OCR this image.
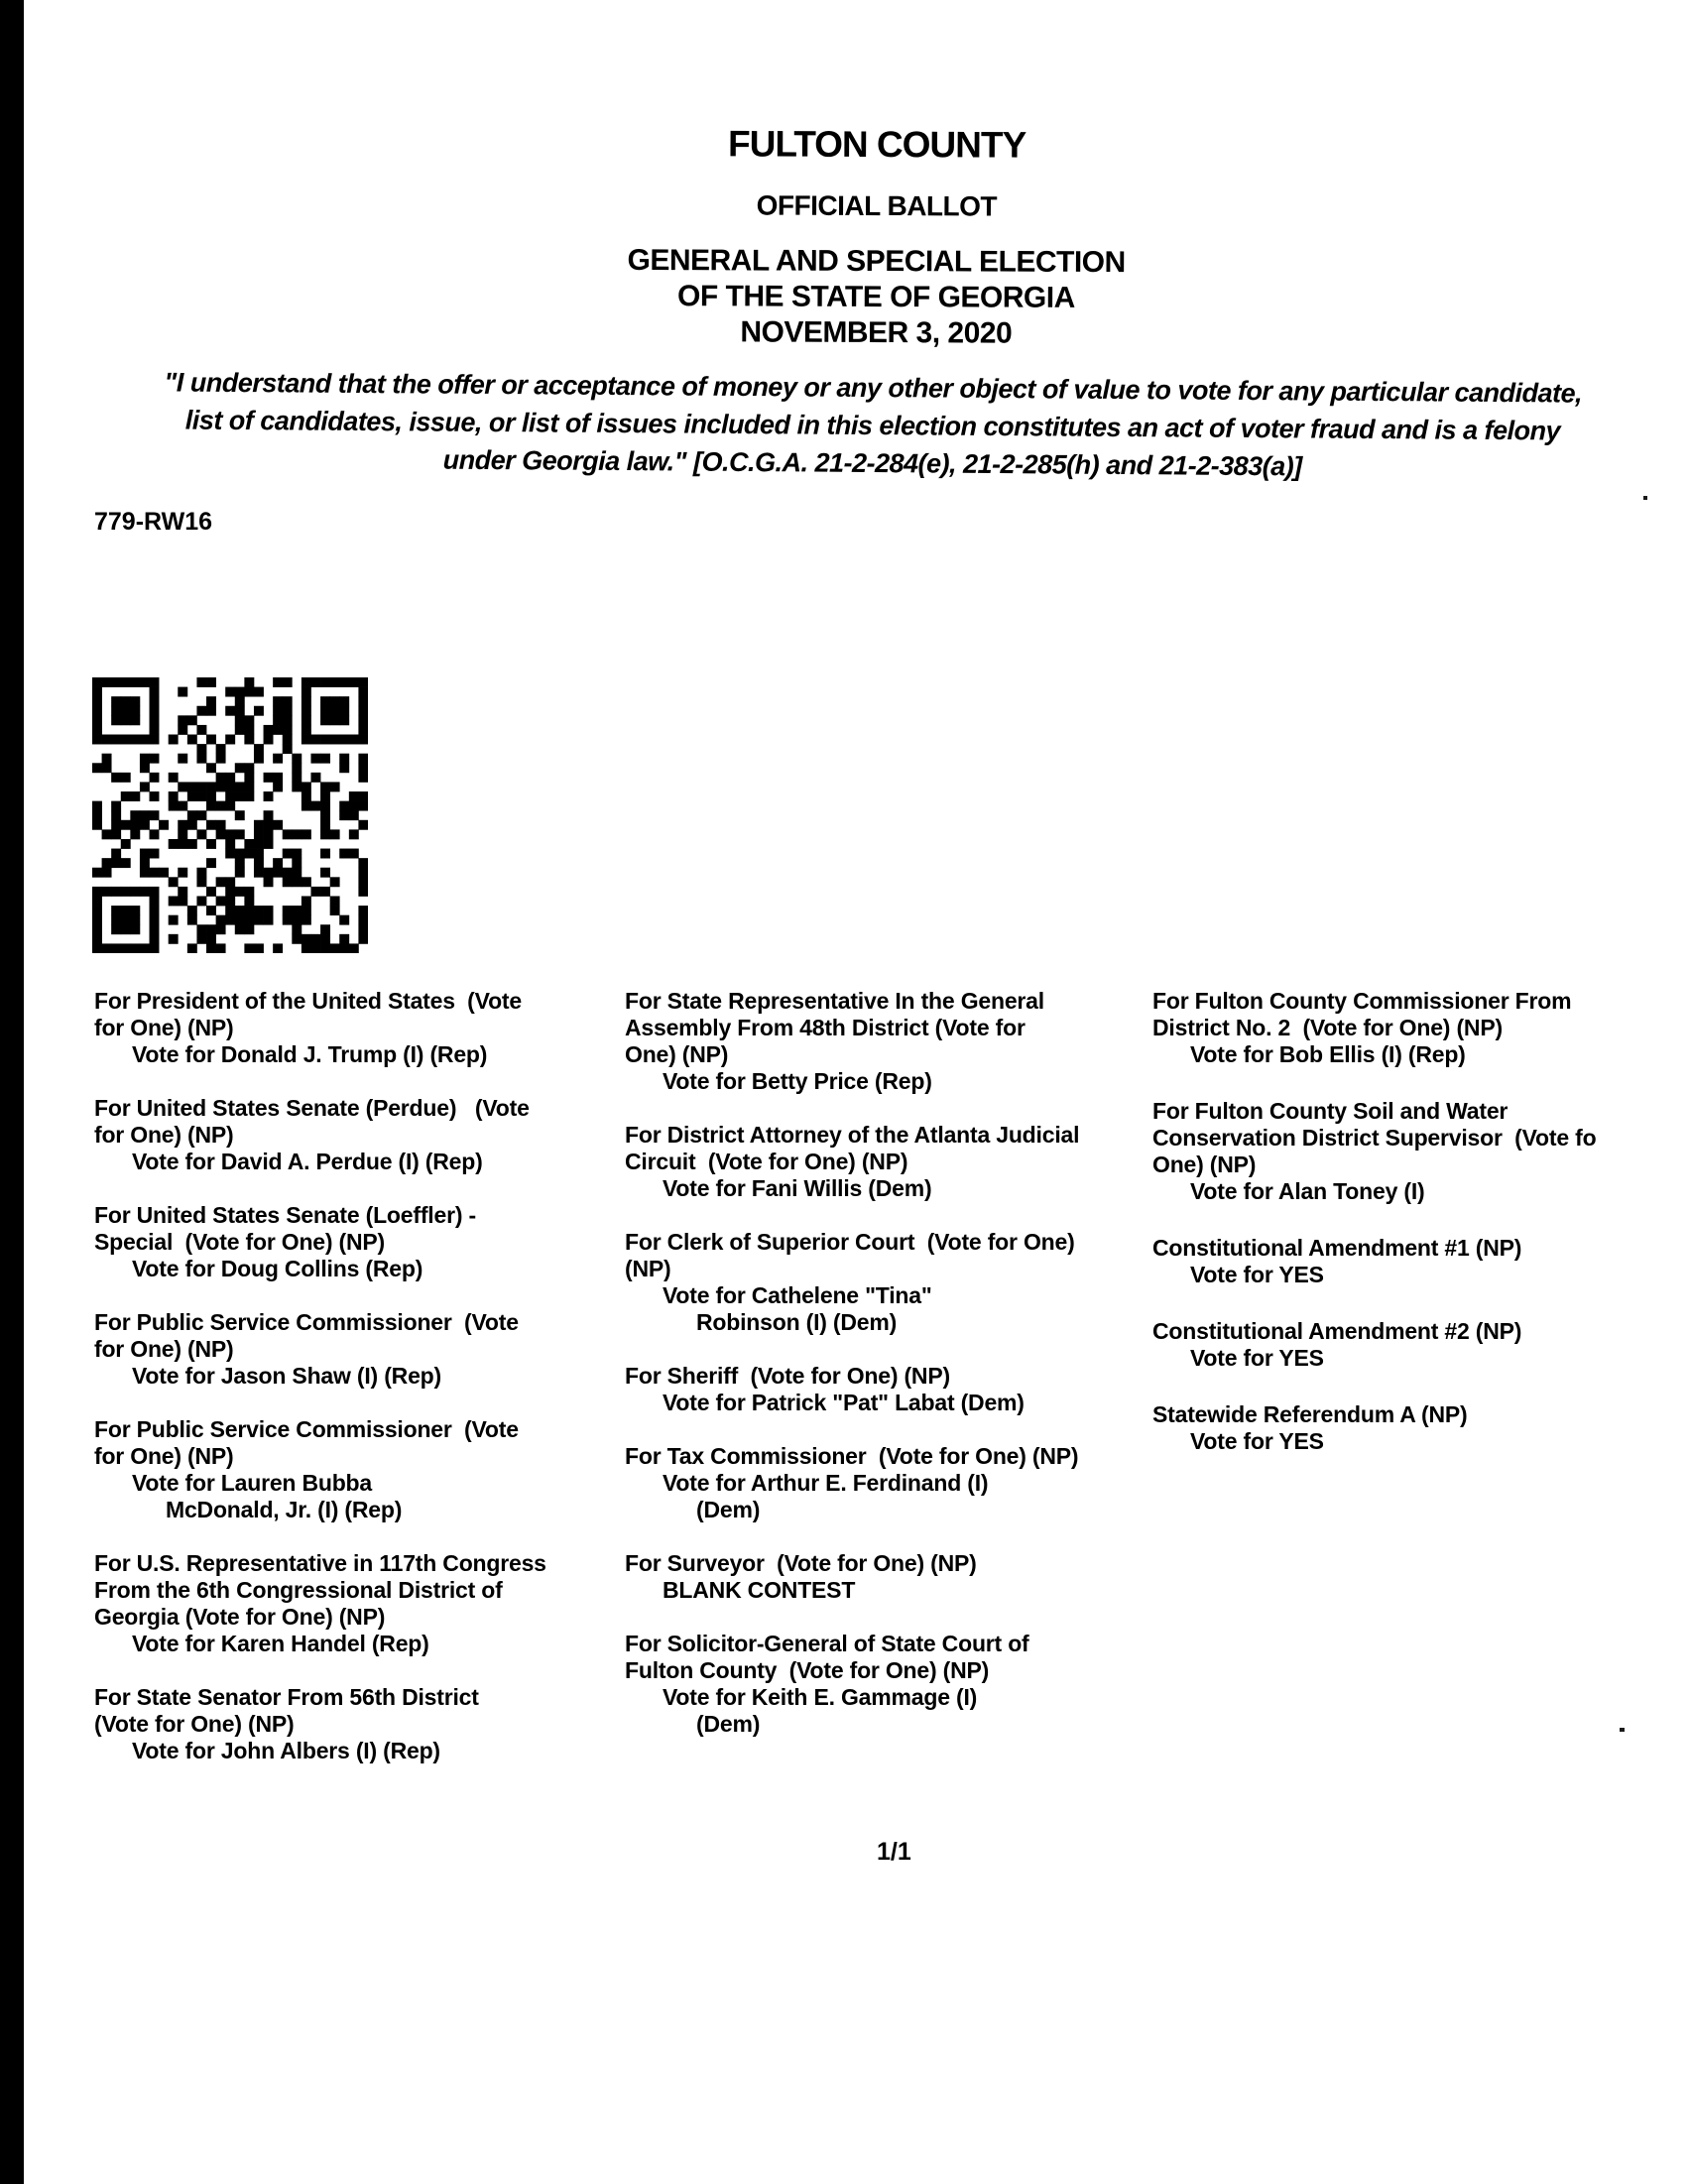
FULTON COUNTY
OFFICIAL BALLOT
GENERAL AND SPECIAL ELECTION
OF THE STATE OF GEORGIA
NOVEMBER 3, 2020
"I understand that the offer or acceptance of money or any other object of value to vote for any particular candidate,
list of candidates, issue, or list of issues included in this election constitutes an act of voter fraud and is a felony
under Georgia law." [O.C.G.A. 21-2-284(e), 21-2-285(h) and 21-2-383(a)]
779-RW16
For President of the United States  (Vote
for One) (NP)
Vote for Donald J. Trump (I) (Rep)
For United States Senate (Perdue)   (Vote
for One) (NP)
Vote for David A. Perdue (I) (Rep)
For United States Senate (Loeffler) -
Special  (Vote for One) (NP)
Vote for Doug Collins (Rep)
For Public Service Commissioner  (Vote
for One) (NP)
Vote for Jason Shaw (I) (Rep)
For Public Service Commissioner  (Vote
for One) (NP)
Vote for Lauren Bubba
McDonald, Jr. (I) (Rep)
For U.S. Representative in 117th Congress
From the 6th Congressional District of
Georgia (Vote for One) (NP)
Vote for Karen Handel (Rep)
For State Senator From 56th District
(Vote for One) (NP)
Vote for John Albers (I) (Rep)
For State Representative In the General
Assembly From 48th District (Vote for
One) (NP)
Vote for Betty Price (Rep)
For District Attorney of the Atlanta Judicial
Circuit  (Vote for One) (NP)
Vote for Fani Willis (Dem)
For Clerk of Superior Court  (Vote for One)
(NP)
Vote for Cathelene "Tina"
Robinson (I) (Dem)
For Sheriff  (Vote for One) (NP)
Vote for Patrick "Pat" Labat (Dem)
For Tax Commissioner  (Vote for One) (NP)
Vote for Arthur E. Ferdinand (I)
(Dem)
For Surveyor  (Vote for One) (NP)
BLANK CONTEST
For Solicitor-General of State Court of
Fulton County  (Vote for One) (NP)
Vote for Keith E. Gammage (I)
(Dem)
For Fulton County Commissioner From
District No. 2  (Vote for One) (NP)
Vote for Bob Ellis (I) (Rep)
For Fulton County Soil and Water
Conservation District Supervisor  (Vote fo
One) (NP)
Vote for Alan Toney (I)
Constitutional Amendment #1 (NP)
Vote for YES
Constitutional Amendment #2 (NP)
Vote for YES
Statewide Referendum A (NP)
Vote for YES
1/1
